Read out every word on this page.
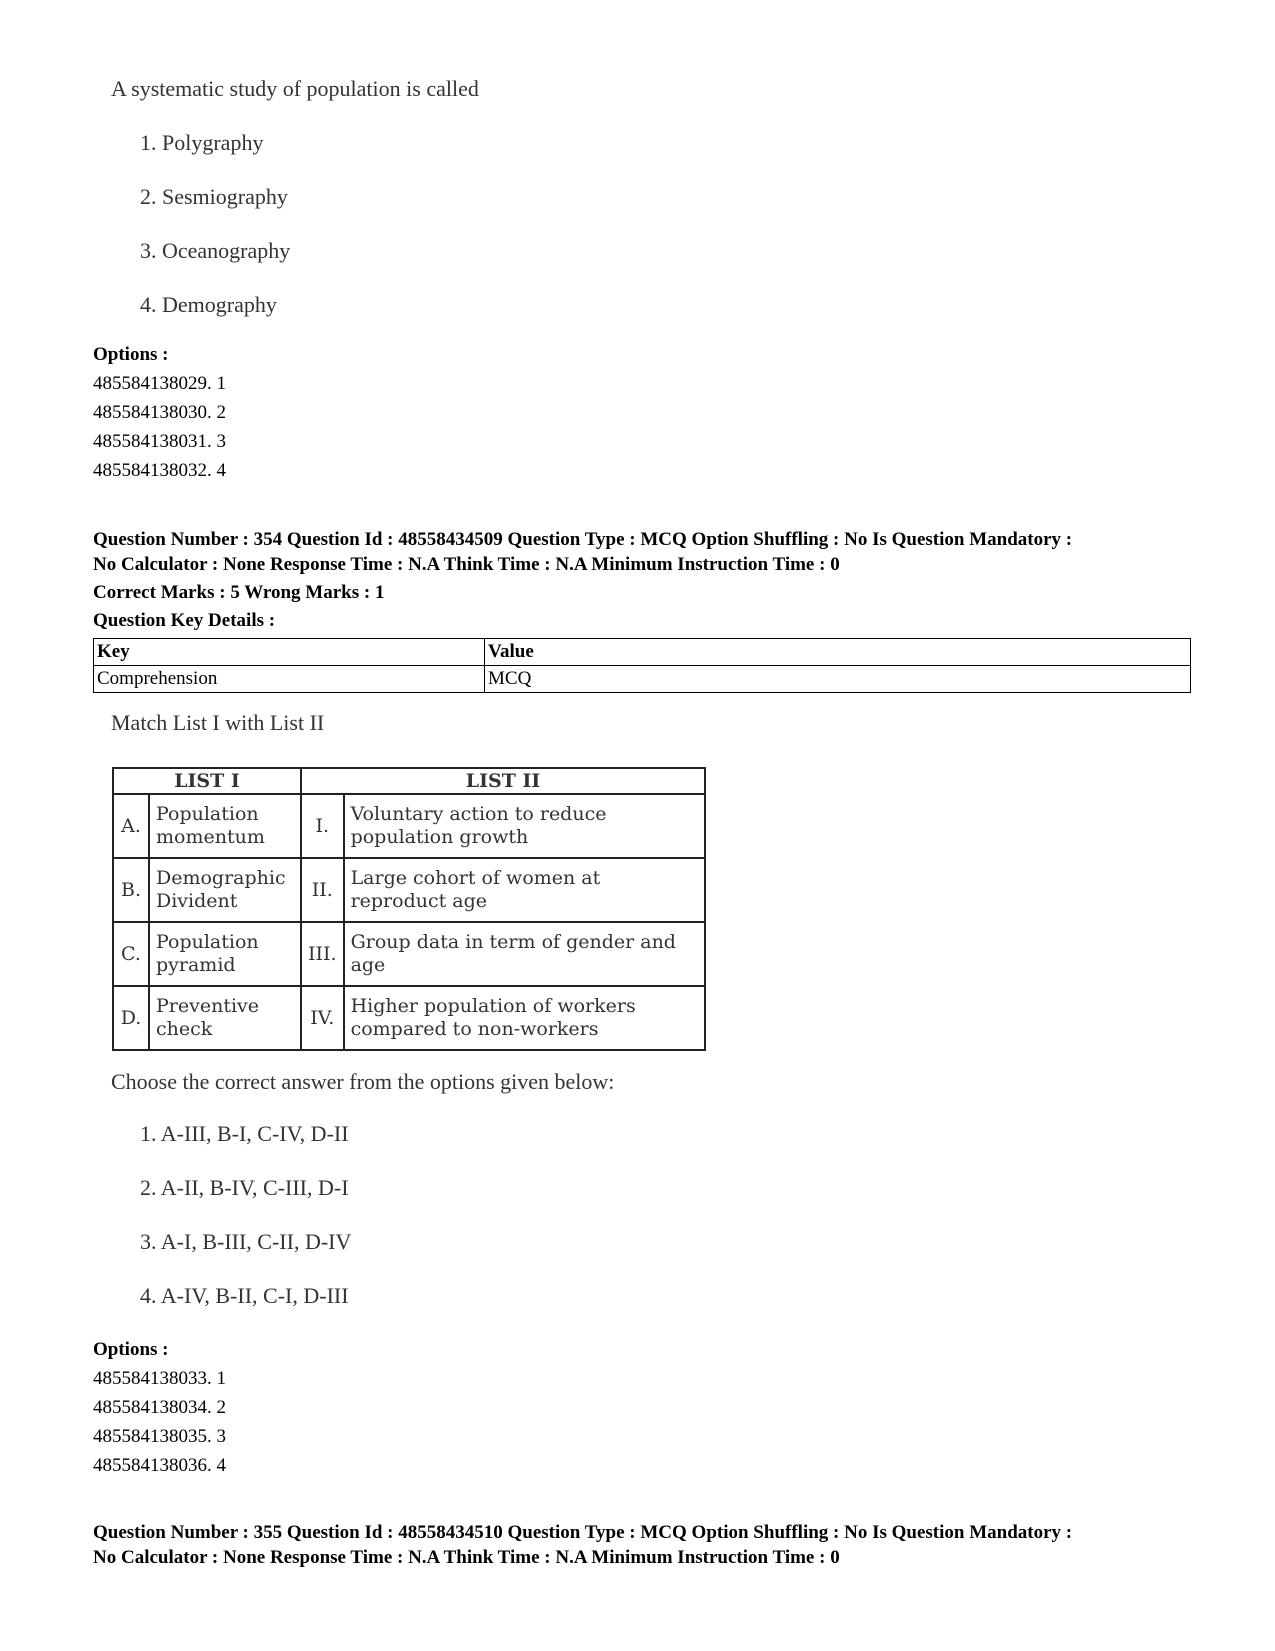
A systematic study of population is called
1. Polygraphy
2. Sesmiography
3. Oceanography
4. Demography
Options :
485584138029. 1
485584138030. 2
485584138031. 3
485584138032. 4
Question Number : 354 Question Id : 48558434509 Question Type : MCQ Option Shuffling : No Is Question Mandatory :
No Calculator : None Response Time : N.A Think Time : N.A Minimum Instruction Time : 0
Correct Marks : 5 Wrong Marks : 1
Question Key Details :
Key	Value
Comprehension	MCQ
Match List I with List II
LIST I		LIST II	
A.	Population momentum	I.	Voluntary action to reduce population growth
B.	Demographic Divident	II.	Large cohort of women at reproduct age
C.	Population pyramid	III.	Group data in term of gender and age
D.	Preventive check	IV.	Higher population of workers compared to non-workers
Choose the correct answer from the options given below:
1. A-III, B-I, C-IV, D-II
2. A-II, B-IV, C-III, D-I
3. A-I, B-III, C-II, D-IV
4. A-IV, B-II, C-I, D-III
Options :
485584138033. 1
485584138034. 2
485584138035. 3
485584138036. 4
Question Number : 355 Question Id : 48558434510 Question Type : MCQ Option Shuffling : No Is Question Mandatory :
No Calculator : None Response Time : N.A Think Time : N.A Minimum Instruction Time : 0
